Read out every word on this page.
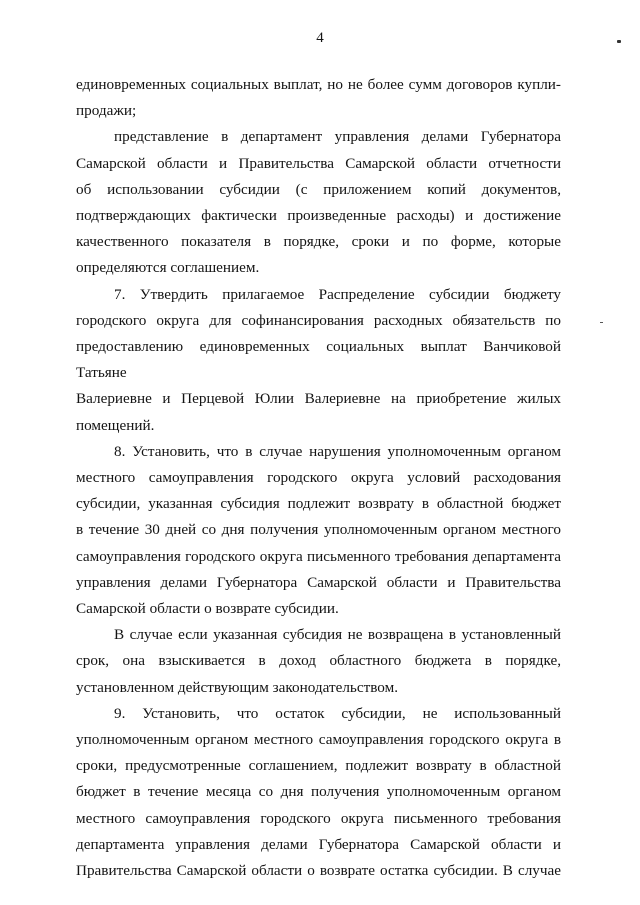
4
единовременных социальных выплат, но не более сумм договоров купли-
продажи;
представление в департамент управления делами Губернатора
Самарской области и Правительства Самарской области отчетности
об использовании субсидии (с приложением копий документов,
подтверждающих фактически произведенные расходы) и достижение
качественного показателя в порядке, сроки и по форме, которые
определяются соглашением.
7. Утвердить прилагаемое Распределение субсидии бюджету
городского округа для софинансирования расходных обязательств по
предоставлению единовременных социальных выплат Ванчиковой Татьяне
Валериевне и Перцевой Юлии Валериевне на приобретение жилых
помещений.
8. Установить, что в случае нарушения уполномоченным органом
местного самоуправления городского округа условий расходования
субсидии, указанная субсидия подлежит возврату в областной бюджет
в течение 30 дней со дня получения уполномоченным органом местного
самоуправления городского округа письменного требования департамента
управления делами Губернатора Самарской области и Правительства
Самарской области о возврате субсидии.
В случае если указанная субсидия не возвращена в установленный
срок, она взыскивается в доход областного бюджета в порядке,
установленном действующим законодательством.
9. Установить, что остаток субсидии, не использованный
уполномоченным органом местного самоуправления городского округа в
сроки, предусмотренные соглашением, подлежит возврату в областной
бюджет в течение месяца со дня получения уполномоченным органом
местного самоуправления городского округа письменного требования
департамента управления делами Губернатора Самарской области и
Правительства Самарской области о возврате остатка субсидии. В случае
